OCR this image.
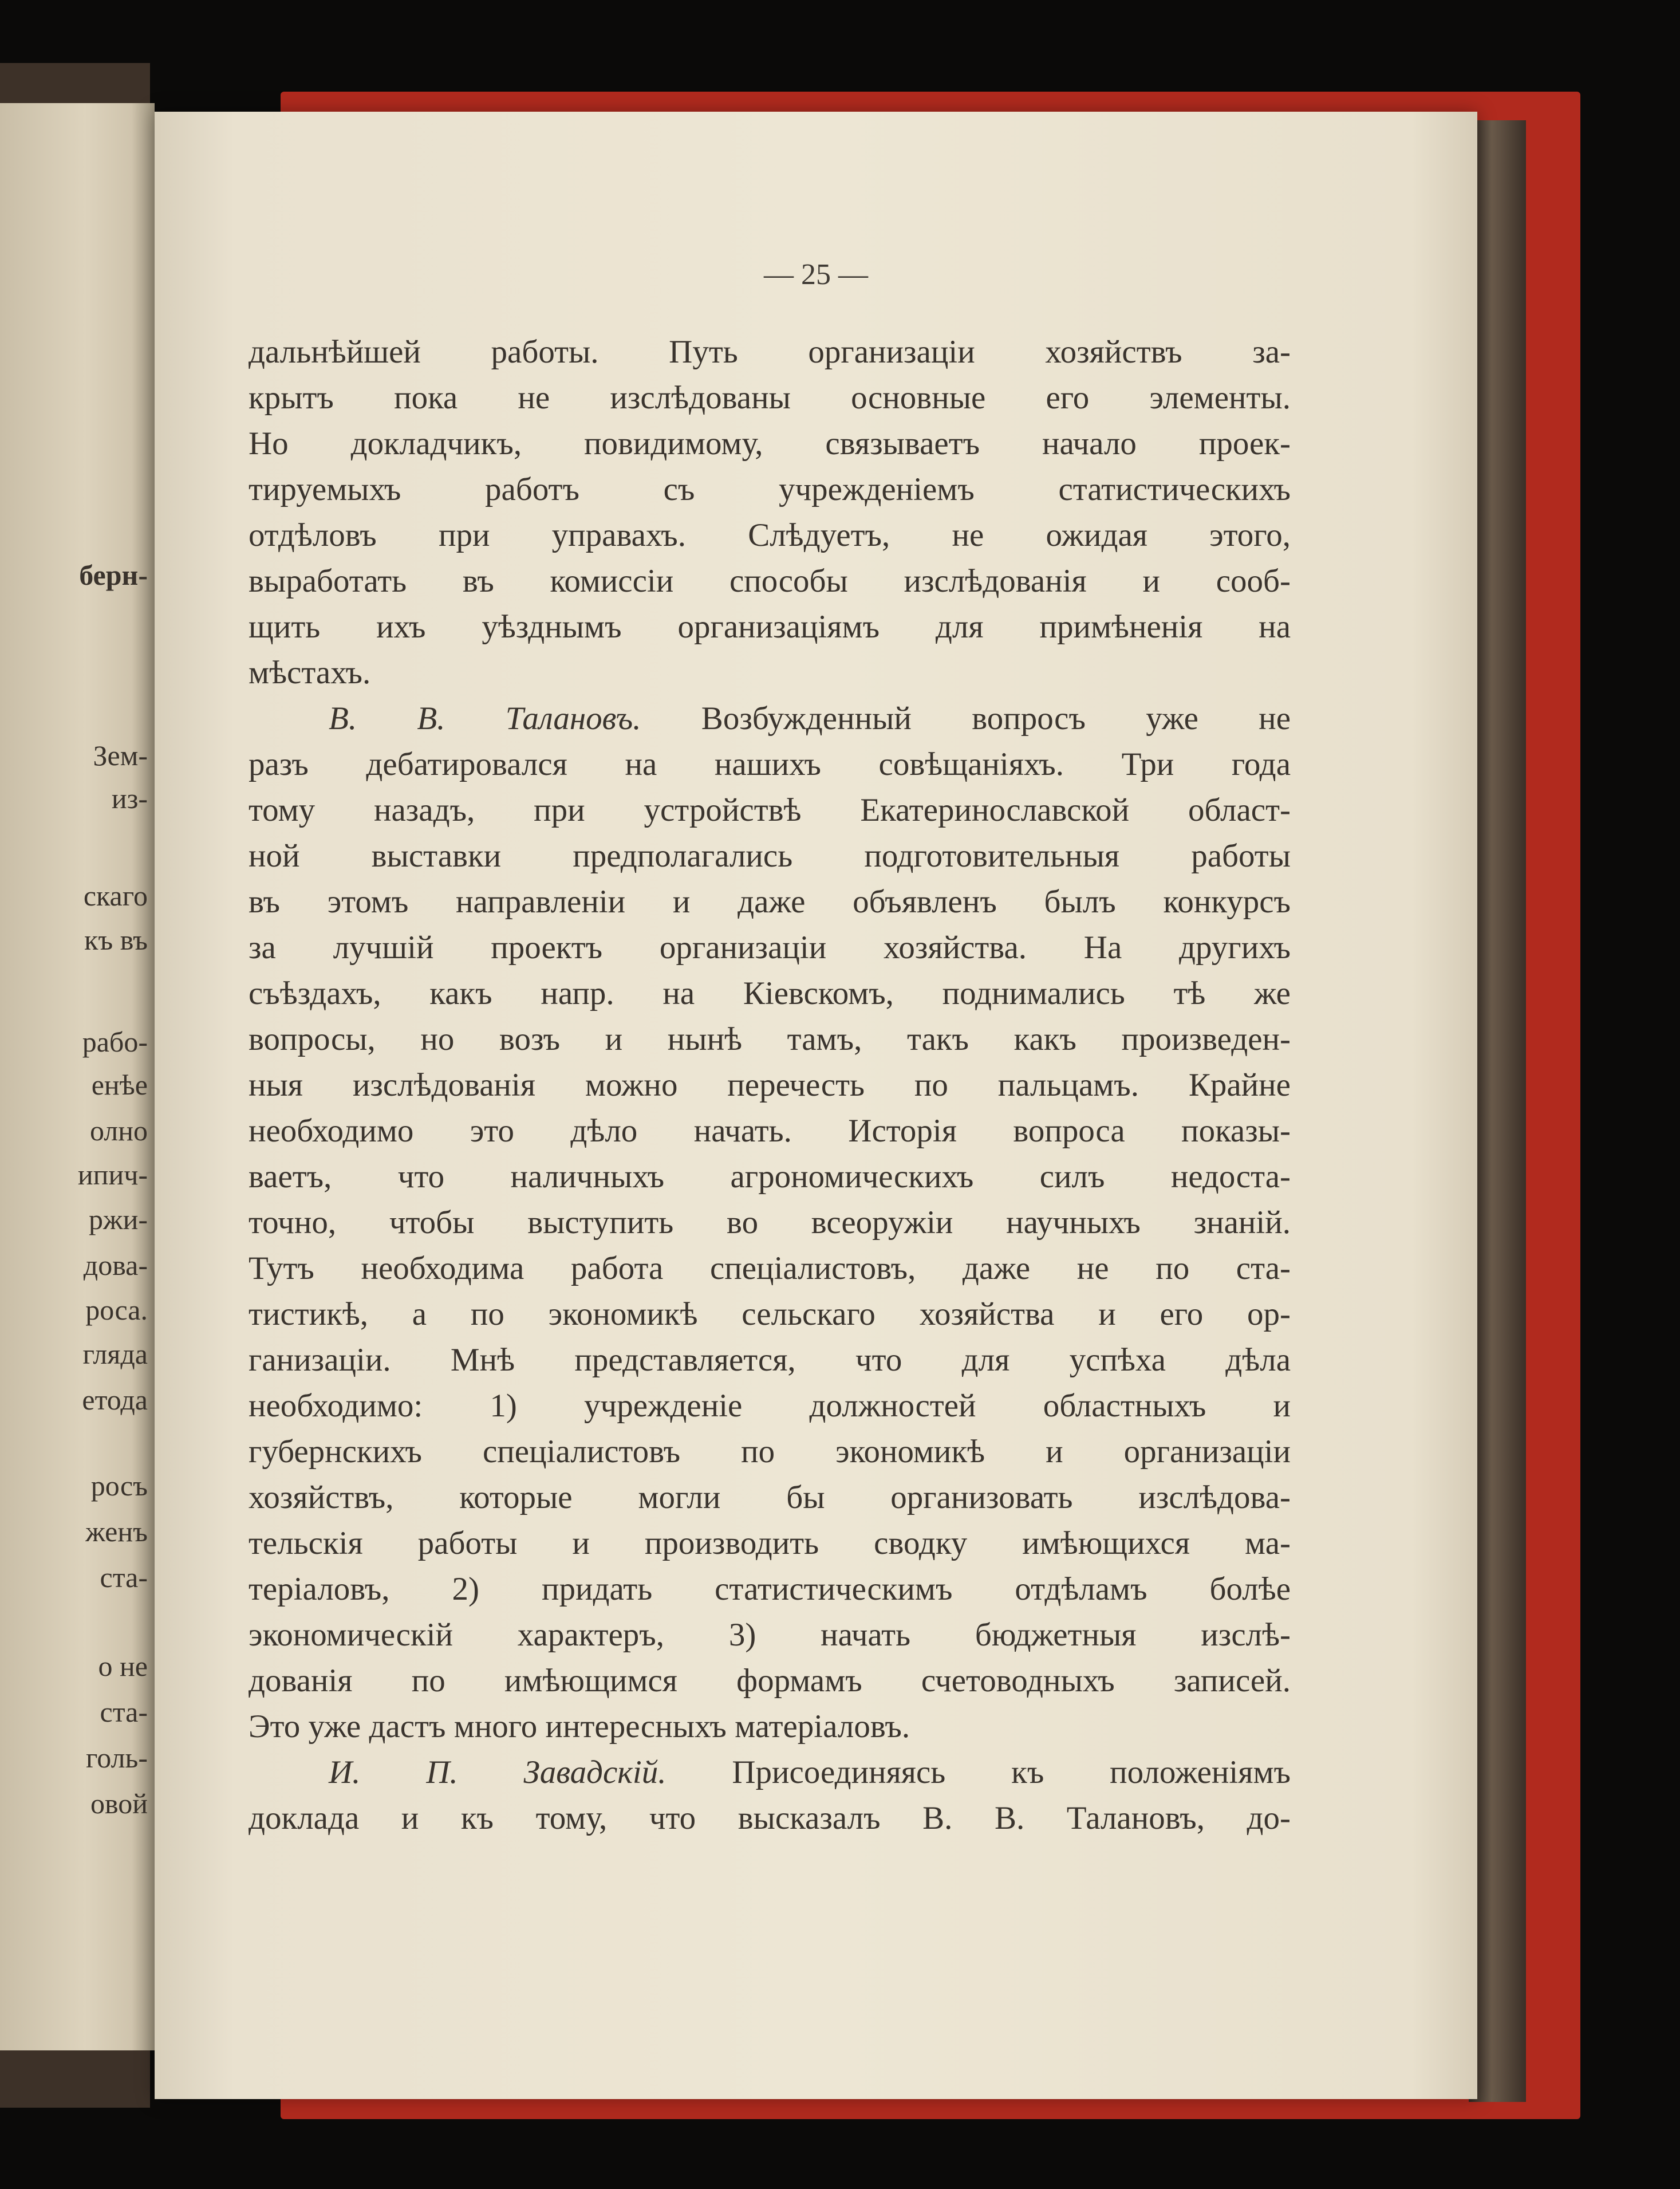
берн-
Зем-
из-
скаго
къ въ
рабо-
енѣе
олно
ипич-
ржи-
дова-
роса.
гляда
етода
росъ
женъ
ста-
о не
ста-
голь-
овой

— 25 —

дальнѣйшей работы. Путь организаціи хозяйствъ за-
крытъ пока не изслѣдованы основные его элементы.
Но докладчикъ, повидимому, связываетъ начало проек-
тируемыхъ работъ съ учрежденіемъ статистическихъ
отдѣловъ при управахъ. Слѣдуетъ, не ожидая этого,
выработать въ комиссіи способы изслѣдованія и сооб-
щить ихъ уѣзднымъ организаціямъ для примѣненія на
мѣстахъ.
В. В. Талановъ. Возбужденный вопросъ уже не
разъ дебатировался на нашихъ совѣщаніяхъ. Три года
тому назадъ, при устройствѣ Екатеринославской област-
ной выставки предполагались подготовительныя работы
въ этомъ направленіи и даже объявленъ былъ конкурсъ
за лучшій проектъ организаціи хозяйства. На другихъ
съѣздахъ, какъ напр. на Кіевскомъ, поднимались тѣ же
вопросы, но возъ и нынѣ тамъ, такъ какъ произведен-
ныя изслѣдованія можно перечесть по пальцамъ. Крайне
необходимо это дѣло начать. Исторія вопроса показы-
ваетъ, что наличныхъ агрономическихъ силъ недоста-
точно, чтобы выступить во всеоружіи научныхъ знаній.
Тутъ необходима работа спеціалистовъ, даже не по ста-
тистикѣ, а по экономикѣ сельскаго хозяйства и его ор-
ганизаціи. Мнѣ представляется, что для успѣха дѣла
необходимо: 1) учрежденіе должностей областныхъ и
губернскихъ спеціалистовъ по экономикѣ и организаціи
хозяйствъ, которые могли бы организовать изслѣдова-
тельскія работы и производить сводку имѣющихся ма-
теріаловъ, 2) придать статистическимъ отдѣламъ болѣе
экономическій характеръ, 3) начать бюджетныя изслѣ-
дованія по имѣющимся формамъ счетоводныхъ записей.
Это уже дастъ много интересныхъ матеріаловъ.
И. П. Завадскій. Присоединяясь къ положеніямъ
доклада и къ тому, что высказалъ В. В. Талановъ, до-
